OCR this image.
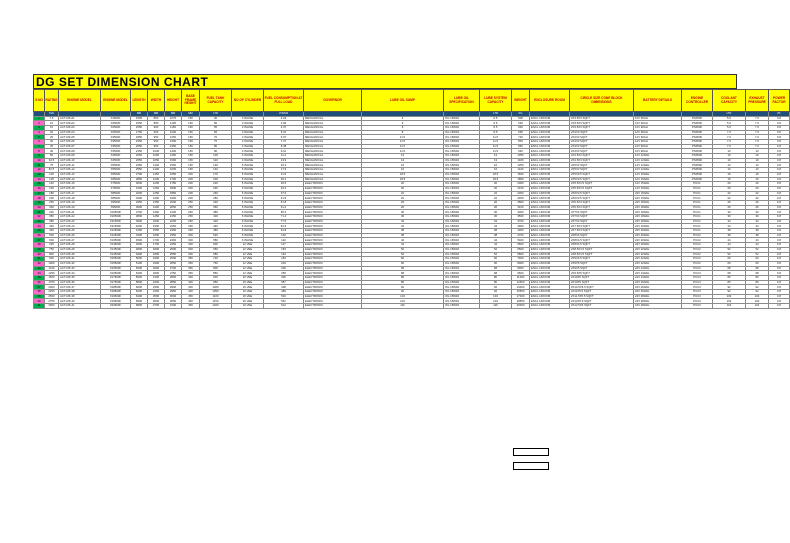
DG SET DIMENSION CHART
S.NO	RATING	ENGINE MODEL	ENGINE MODEL	LENGTH	WIDTH	HEIGHT	BASE FRAME HEIGHT	FUEL TANK CAPACITY	NO.OF CYLINDER	FUEL CONSUMPTION AT FULL LOAD	GOVERNOR	LUBE OIL SUMP	LUBE OIL SPECIFICATION	LUBE SYSTEM CAPACITY	WEIGHT	ENCLOSURE ROOM	CIRCLE SIZE CONE BLOCK DIMENSIONS	BATTERY DETAILS	ENGINE CONTROLLER	COOLANT CAPACITY	EXHAUST PRESSURE	POWER FACTOR
	KVA			MM	MM	MM	MM	LTR		LTR/HR				LTR	KG					LTR		PF
1	7.5	ACT-MK-01	X1500F	1500	850	1075	150	40	3 INLINE	2.04	MECHANICAL	6	OIL 15W40	6.5	508	ENCL 1/ROOM	2X3.5X3 SQFT	12V 90AH	PS0500	5.6	7.0	0.8
2	10	ACT-MK-02	X2500F	1550	850	1105	150	50	3 INLINE	2.66	MECHANICAL	6	OIL 15W40	6.5	530	ENCL 1/ROOM	2X3.5X3 SQFT	12V 90AH	PS0500	5.6	7.0	0.8
3	15	ACT-MK-03	X2500F	1650	900	1150	150	55	3 INLINE	4.07	MECHANICAL	8	OIL 15W40	8.5	600	ENCL 1/ROOM	2X3.5X3 SQFT	12V 90AH	PS0500	5.6	7.0	0.8
4	20	ACT-MK-04	X2500F	1750	900	1200	150	65	3 INLINE	5.10	MECHANICAL	8	OIL 15W40	8.5	650	ENCL 1/ROOM	2X4X3 SQFT	12V 90AH	PS0500	7.0	7.0	0.8
5	25	ACT-MK-05	X3500F	1850	950	1250	150	70	4 INLINE	6.07	MECHANICAL	11.5	OIL 15W40	11.5	740	ENCL 1/ROOM	2X4X3 SQFT	12V 90AH	PS0500	7.0	7.0	0.8
6	30	ACT-MK-06	X3500F	1950	950	1300	150	75	4 INLINE	7.27	MECHANICAL	11.5	OIL 15W40	11.5	800	ENCL 1/ROOM	2X4X3 SQFT	12V 90AH	PS0500	7.0	7.0	0.8
7	35	ACT-MK-07	X3500F	2050	950	1350	150	80	4 INLINE	8.48	MECHANICAL	11.5	OIL 15W40	11.5	860	ENCL 1/ROOM	2X4X3 SQFT	12V 90AH	PS0500	7.0	7.0	0.8
8	40	ACT-MK-08	X3500F	2150	1000	1400	150	90	4 INLINE	9.10	MECHANICAL	11.5	OIL 15W40	11.5	920	ENCL 1/ROOM	2X4X3 SQFT	12V 90AH	PS0500	10	10	0.8
9	50	ACT-MK-09	X4500F	2250	1000	1450	150	100	4 INLINE	11.2	MECHANICAL	13	OIL 15W40	13	1050	ENCL 1/ROOM	2X4.5X3 SQFT	12V 120AH	PS0500	10	10	0.8
10	62.5	ACT-MK-10	X4500F	2350	1050	1500	150	110	4 INLINE	13.9	MECHANICAL	13	OIL 15W40	13	1180	ENCL 1/ROOM	2X4.5X3 SQFT	12V 120AH	PS0500	10	10	0.8
11	75	ACT-MK-11	X5500F	2450	1100	1550	150	130	6 INLINE	16.3	MECHANICAL	16	OIL 15W40	16	1350	ENCL 1/ROOM	2X5X3 SQFT	12V 120AH	PS0500	13	13	0.8
12	82.5	ACT-MK-12	X5500F	2550	1100	1600	150	140	6 INLINE	17.9	MECHANICAL	16	OIL 15W40	16	1420	ENCL 1/ROOM	2X5X3 SQFT	12V 120AH	PS0500	13	13	0.8
13	100	ACT-MK-13	X6500F	2700	1150	1650	200	170	6 INLINE	21.6	MECHANICAL	18.5	OIL 15W40	18.5	1600	ENCL 1/ROOM	2X5X3.5 SQFT	12V 150AH	PS0500	16	16	0.8
14	125	ACT-MK-14	X6500F	2850	1200	1700	200	200	6 INLINE	26.4	MECHANICAL	18.5	OIL 15W40	18.5	1850	ENCL 1/ROOM	2X5X3.5 SQFT	12V 150AH	PS0500	16	16	0.8
15	140	ACT-MK-15	X7500F	3000	1200	1750	200	220	6 INLINE	29.5	ELECTRONIC	20	OIL 15W40	20	2000	ENCL 1/ROOM	2X5.5X3.5 SQFT	12V 150AH	PCC1	20	20	0.8
16	160	ACT-MK-16	X7500F	3100	1250	1800	200	240	6 INLINE	33.4	ELECTRONIC	20	OIL 15W40	20	2150	ENCL 1/ROOM	2X5.5X3.5 SQFT	12V 150AH	PCC1	20	20	0.8
17	180	ACT-MK-17	X8500F	3200	1250	1850	200	260	6 INLINE	37.6	ELECTRONIC	22	OIL 15W40	22	2300	ENCL 1/ROOM	2X6X3.5 SQFT	24V 150AH	PCC1	22	22	0.8
18	200	ACT-MK-18	X8500F	3300	1300	1900	200	280	6 INLINE	41.5	ELECTRONIC	22	OIL 15W40	22	2450	ENCL 1/ROOM	2X6X3.5 SQFT	24V 150AH	PCC1	22	22	0.8
19	250	ACT-MK-19	X9500F	3450	1350	2000	250	320	6 INLINE	51.8	ELECTRONIC	26	OIL 15W40	26	2800	ENCL 1/ROOM	2X6.5X4 SQFT	24V 180AH	PCC1	26	26	0.8
20	300	ACT-MK-20	X9500F	3600	1400	2050	250	360	6 INLINE	61.2	ELECTRONIC	26	OIL 15W40	26	3100	ENCL 1/ROOM	2X6.5X4 SQFT	24V 180AH	PCC1	26	26	0.8
21	320	ACT-MK-21	X10500F	3700	1450	2100	250	380	6 INLINE	65.3	ELECTRONIC	30	OIL 15W40	30	3300	ENCL 1/ROOM	2X7X4 SQFT	24V 180AH	PCC1	30	30	0.8
22	350	ACT-MK-22	X10500F	3800	1450	2150	250	400	6 INLINE	71.4	ELECTRONIC	30	OIL 15W40	30	3500	ENCL 1/ROOM	2X7X4 SQFT	24V 180AH	PCC1	30	30	0.8
23	380	ACT-MK-23	X11500F	3900	1500	2200	250	420	6 INLINE	77.5	ELECTRONIC	34	OIL 15W40	34	3700	ENCL 1/ROOM	2X7X4 SQFT	24V 180AH	PCC1	34	34	0.8
24	400	ACT-MK-24	X11500F	4000	1500	2250	250	440	6 INLINE	81.6	ELECTRONIC	34	OIL 15W40	34	3900	ENCL 1/ROOM	2X7.5X4 SQFT	24V 200AH	PCC1	34	34	0.8
25	450	ACT-MK-25	X12500F	4150	1550	2300	300	480	6 INLINE	91.8	ELECTRONIC	38	OIL 15W40	38	4300	ENCL 1/ROOM	2X7.5X4 SQFT	24V 200AH	PCC1	38	38	0.8
26	500	ACT-MK-26	X12500F	4300	1600	2350	300	520	6 INLINE	102	ELECTRONIC	38	OIL 15W40	38	4700	ENCL 1/ROOM	2X8X4 SQFT	24V 200AH	PCC2	38	38	0.8
27	600	ACT-MK-27	X13500F	4500	1700	2400	300	580	6 INLINE	122	ELECTRONIC	44	OIL 15W40	44	5400	ENCL 1/ROOM	2X8X4.5 SQFT	24V 200AH	PCC2	44	44	0.8
28	625	ACT-MK-28	X13500F	4600	1700	2450	300	600	12 VEE	127	ELECTRONIC	44	OIL 15W40	44	5600	ENCL 1/ROOM	2X8X4.5 SQFT	24V 200AH	PCC2	44	44	0.8
29	750	ACT-MK-29	X14500F	4800	1800	2500	300	650	12 VEE	153	ELECTRONIC	52	OIL 15W40	52	6500	ENCL 1/ROOM	2X8.5X4.5 SQFT	24V 220AH	PCC2	52	52	0.8
30	800	ACT-MK-30	X14500F	4900	1800	2550	300	680	12 VEE	163	ELECTRONIC	52	OIL 15W40	52	6800	ENCL 1/ROOM	2X8.5X4.5 SQFT	24V 220AH	PCC2	52	52	0.8
31	900	ACT-MK-31	X15500F	5000	1900	2600	350	720	12 VEE	184	ELECTRONIC	60	OIL 15W40	60	7400	ENCL 1/ROOM	2X9X4.5 SQFT	24V 220AH	PCC2	60	60	0.8
32	1000	ACT-MK-32	X15500F	5100	1900	2650	350	760	12 VEE	204	ELECTRONIC	60	OIL 15W40	60	8000	ENCL 1/ROOM	2X9X5 SQFT	24V 220AH	PCC2	60	60	0.8
33	1010	ACT-MK-33	X16500F	5200	2000	2700	350	800	12 VEE	206	ELECTRONIC	68	OIL 15W40	68	8300	ENCL 1/ROOM	2X9X5 SQFT	24V 240AH	PCC2	68	68	0.8
34	1250	ACT-MK-34	X16500F	5400	2000	2750	350	850	12 VEE	255	ELECTRONIC	68	OIL 15W40	68	9600	ENCL 1/ROOM	2X9.5X5 SQFT	24V 240AH	PCC3	68	68	0.8
35	1500	ACT-MK-35	X17500F	5600	2100	2800	400	900	16 VEE	306	ELECTRONIC	80	OIL 15W40	80	11200	ENCL 1/ROOM	2X10X5 SQFT	24V 240AH	PCC3	80	80	0.8
36	1750	ACT-MK-36	X17500F	5800	2200	2850	400	950	16 VEE	357	ELECTRONIC	80	OIL 15W40	80	12500	ENCL 1/ROOM	2X10X5 SQFT	24V 260AH	PCC3	80	80	0.8
37	2000	ACT-MK-37	X18500F	6000	2300	2900	400	1000	16 VEE	408	ELECTRONIC	92	OIL 15W40	92	14000	ENCL 1/ROOM	2X10.5X5.5 SQFT	24V 260AH	PCC3	92	92	0.8
38	2250	ACT-MK-38	X18500F	6200	2400	2950	400	1050	16 VEE	459	ELECTRONIC	92	OIL 15W40	92	15500	ENCL 1/ROOM	2X11X5.5 SQFT	24V 260AH	PCC3	92	92	0.8
39	2500	ACT-MK-39	X19500F	6400	2500	3000	450	1100	16 VEE	510	ELECTRONIC	104	OIL 15W40	104	17000	ENCL 1/ROOM	2X11.5X5.5 SQFT	24V 280AH	PCC3	104	104	0.8
40	2750	ACT-MK-40	X19500F	6600	2600	3050	450	1150	16 VEE	561	ELECTRONIC	104	OIL 15W40	104	18500	ENCL 1/ROOM	2X12X5.5 SQFT	24V 280AH	PCC3	104	104	0.8
41	3000	ACT-MK-41	X20500F	6800	2700	3100	450	1200	16 VEE	612	ELECTRONIC	116	OIL 15W40	116	20000	ENCL 1/ROOM	2X12.5X6 SQFT	24V 280AH	PCC3	116	116	0.8
